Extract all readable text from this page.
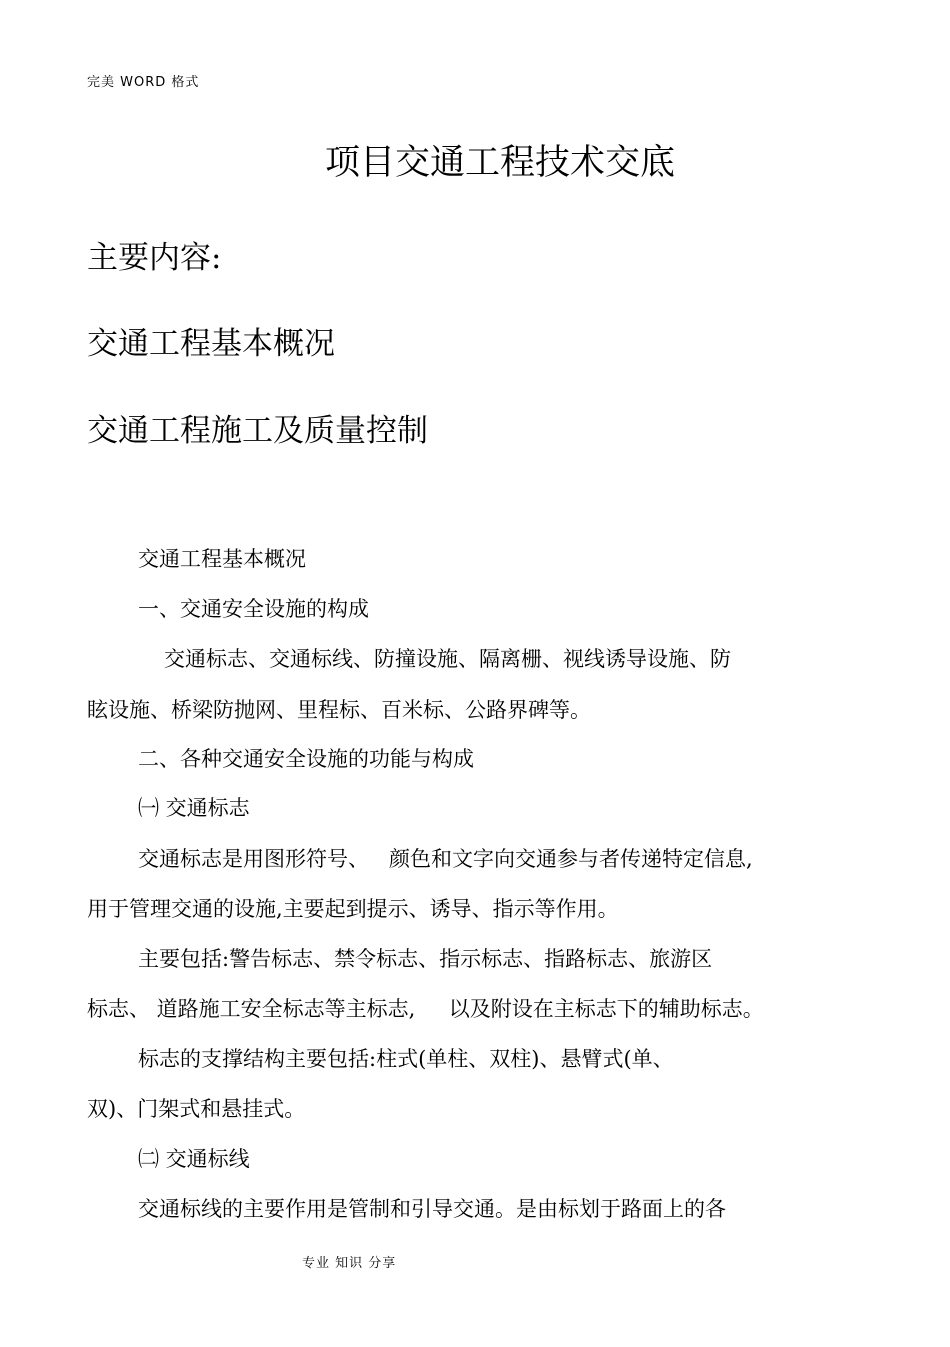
完美 WORD 格式
项目交通工程技术交底
主要内容:
交通工程基本概况
交通工程施工及质量控制
交通工程基本概况
一、交通安全设施的构成
交通标志、交通标线、防撞设施、隔离栅、视线诱导设施、防
眩设施、桥梁防抛网、里程标、百米标、公路界碑等。
二、各种交通安全设施的功能与构成
㈠ 交通标志
交通标志是用图形符号、   颜色和文字向交通参与者传递特定信息,
用于管理交通的设施,主要起到提示、诱导、指示等作用。
主要包括:警告标志、禁令标志、指示标志、指路标志、旅游区
标志、 道路施工安全标志等主标志,     以及附设在主标志下的辅助标志。
标志的支撑结构主要包括:柱式(单柱、双柱)、悬臂式(单、
双)、门架式和悬挂式。
㈡ 交通标线
交通标线的主要作用是管制和引导交通。是由标划于路面上的各
专业 知识 分享
